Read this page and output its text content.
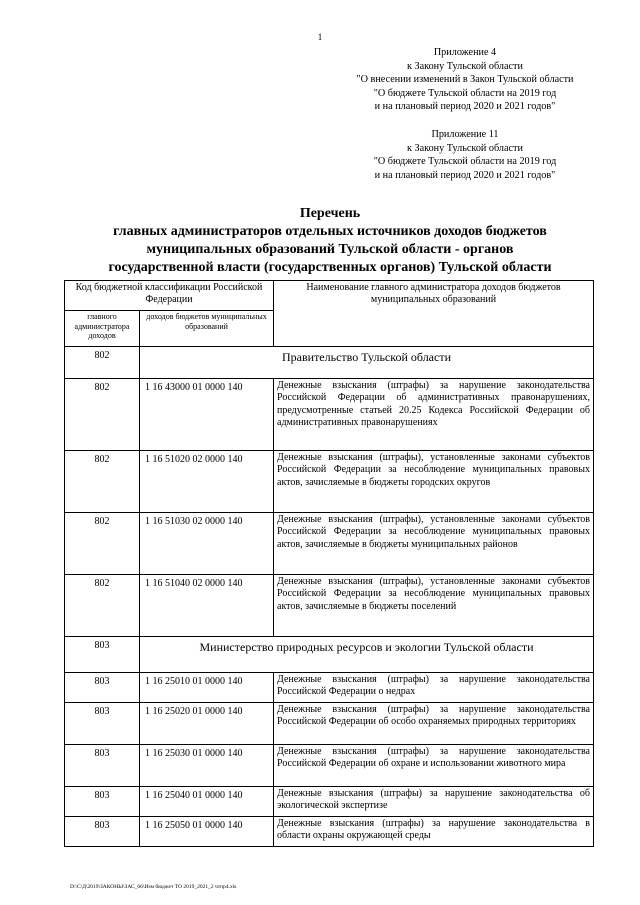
1
Приложение 4
к Закону Тульской области
"О внесении изменений в Закон Тульской области
"О бюджете Тульской области на 2019 год
и на плановый период 2020 и 2021 годов"
Приложение 11
к Закону Тульской области
"О бюджете Тульской области на 2019 год
и на плановый период 2020 и 2021 годов"
Перечень
главных администраторов отдельных источников доходов бюджетов
муниципальных образований Тульской области - органов
государственной власти (государственных органов) Тульской области
Код бюджетной классификации Российской Федерации		Наименование главного администратора доходов бюджетов муниципальных образований
главного администратора доходов	доходов бюджетов муниципальных образований	
802	Правительство Тульской области	
802	1 16 43000 01 0000 140	Денежные взыскания (штрафы) за нарушение законодательства Российской Федерации об административных правонарушениях, предусмотренные статьей 20.25 Кодекса Российской Федерации об административных правонарушениях
802	1 16 51020 02 0000 140	Денежные взыскания (штрафы), установленные законами субъектов Российской Федерации за несоблюдение муниципальных правовых актов, зачисляемые в бюджеты городских округов
802	1 16 51030 02 0000 140	Денежные взыскания (штрафы), установленные законами субъектов Российской Федерации за несоблюдение муниципальных правовых актов, зачисляемые в бюджеты муниципальных районов
802	1 16 51040 02 0000 140	Денежные взыскания (штрафы), установленные законами субъектов Российской Федерации за несоблюдение муниципальных правовых актов, зачисляемые в бюджеты поселений
803	Министерство природных ресурсов и экологии Тульской области	
803	1 16 25010 01 0000 140	Денежные взыскания (штрафы) за нарушение законодательства Российской Федерации о недрах
803	1 16 25020 01 0000 140	Денежные взыскания (штрафы) за нарушение законодательства Российской Федерации об особо охраняемых природных территориях
803	1 16 25030 01 0000 140	Денежные взыскания (штрафы) за нарушение законодательства Российской Федерации об охране и использовании животного мира
803	1 16 25040 01 0000 140	Денежные взыскания (штрафы) за нарушение законодательства об экологической экспертизе
803	1 16 25050 01 0000 140	Денежные взыскания (штрафы) за нарушение законодательства в области охраны окружающей среды
D:\С\Д\2019\ЗАКОНЫ\ЗАС_66\Изм бюджет ТО 2019_2021_2 чтпр4.xls
